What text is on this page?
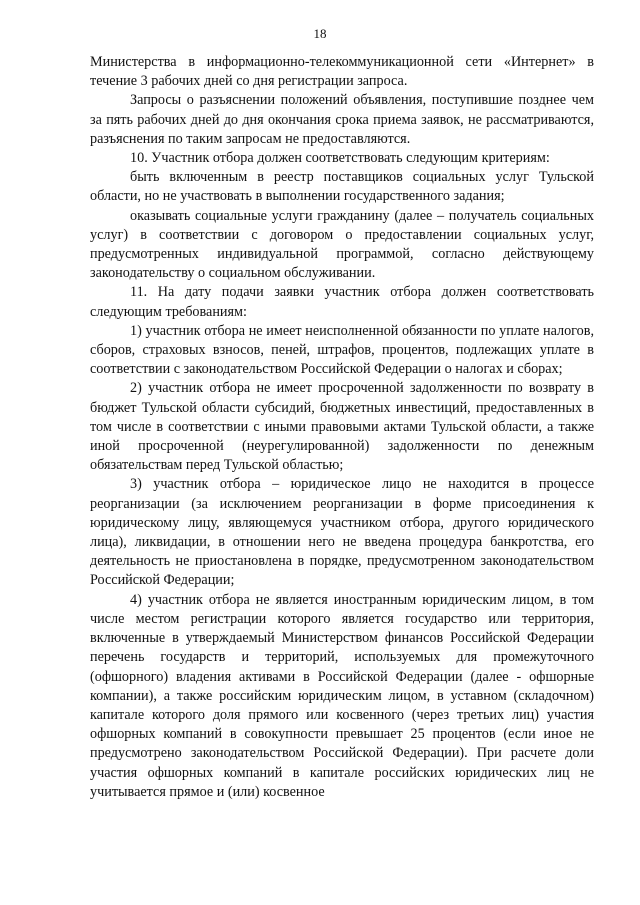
18

Министерства в информационно-телекоммуникационной сети «Интернет» в течение 3 рабочих дней со дня регистрации запроса.

Запросы о разъяснении положений объявления, поступившие позднее чем за пять рабочих дней до дня окончания срока приема заявок, не рассматриваются, разъяснения по таким запросам не предоставляются.

10. Участник отбора должен соответствовать следующим критериям:

быть включенным в реестр поставщиков социальных услуг Тульской области, но не участвовать в выполнении государственного задания;

оказывать социальные услуги гражданину (далее – получатель социальных услуг) в соответствии с договором о предоставлении социальных услуг, предусмотренных индивидуальной программой, согласно действующему законодательству о социальном обслуживании.

11. На дату подачи заявки участник отбора должен соответствовать следующим требованиям:

1) участник отбора не имеет неисполненной обязанности по уплате налогов, сборов, страховых взносов, пеней, штрафов, процентов, подлежащих уплате в соответствии с законодательством Российской Федерации о налогах и сборах;

2) участник отбора не имеет просроченной задолженности по возврату в бюджет Тульской области субсидий, бюджетных инвестиций, предоставленных в том числе в соответствии с иными правовыми актами Тульской области, а также иной просроченной (неурегулированной) задолженности по денежным обязательствам перед Тульской областью;

3) участник отбора – юридическое лицо не находится в процессе реорганизации (за исключением реорганизации в форме присоединения к юридическому лицу, являющемуся участником отбора, другого юридического лица), ликвидации, в отношении него не введена процедура банкротства, его деятельность не приостановлена в порядке, предусмотренном законодательством Российской Федерации;

4) участник отбора не является иностранным юридическим лицом, в том числе местом регистрации которого является государство или территория, включенные в утверждаемый Министерством финансов Российской Федерации перечень государств и территорий, используемых для промежуточного (офшорного) владения активами в Российской Федерации (далее - офшорные компании), а также российским юридическим лицом, в уставном (складочном) капитале которого доля прямого или косвенного (через третьих лиц) участия офшорных компаний в совокупности превышает 25 процентов (если иное не предусмотрено законодательством Российской Федерации). При расчете доли участия офшорных компаний в капитале российских юридических лиц не учитывается прямое и (или) косвенное
